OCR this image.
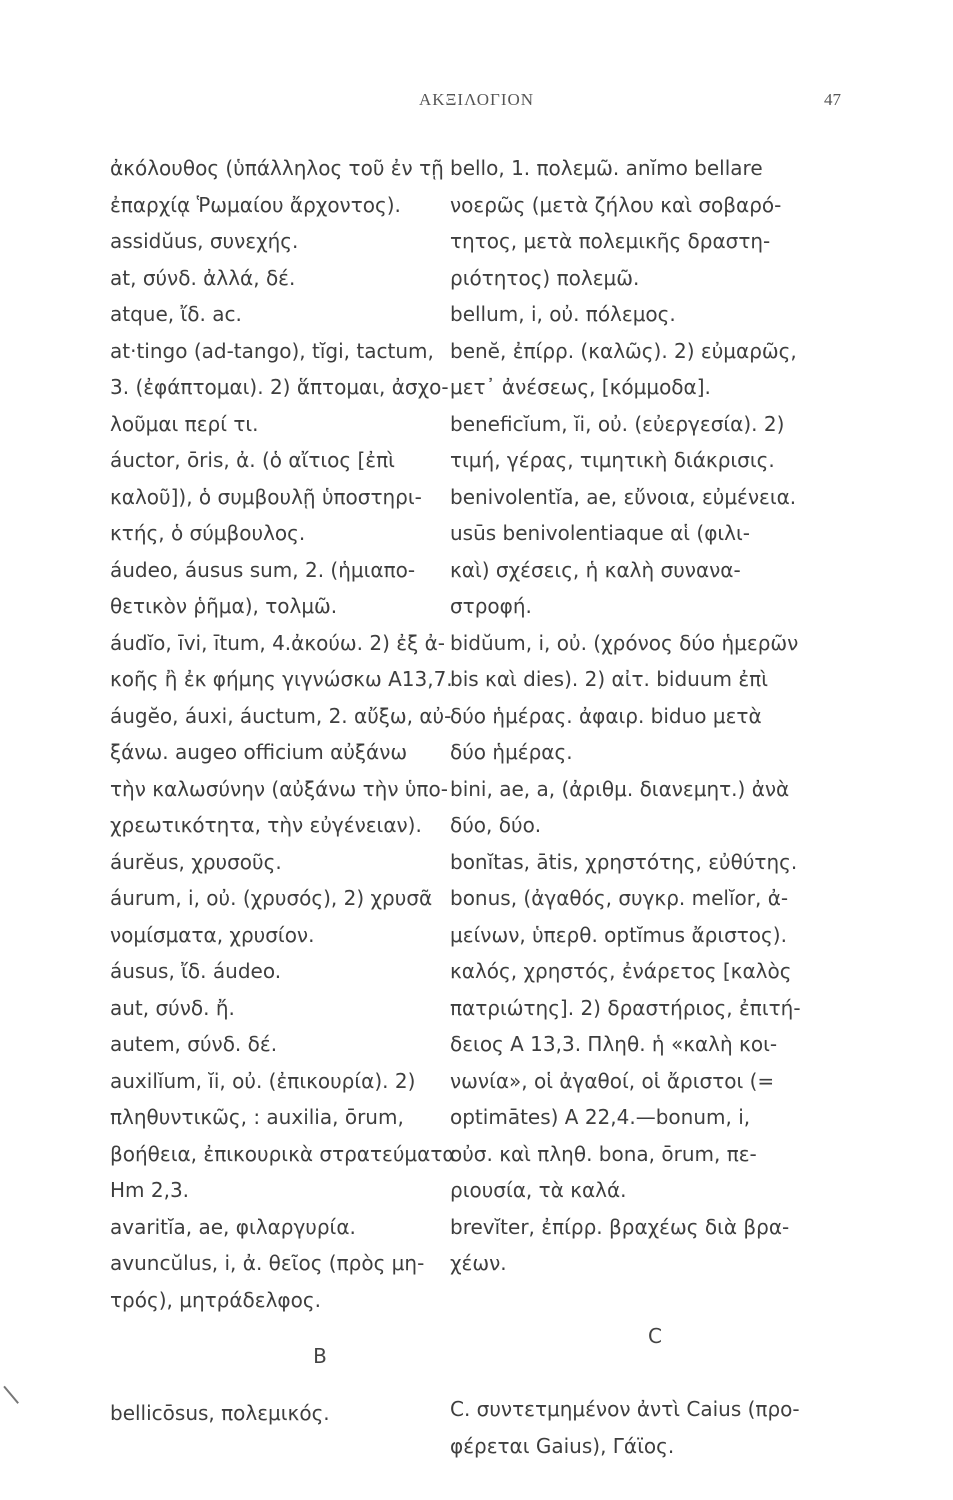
ΑΚΞΙΛΟΓΙΟΝ	47
ἀκόλουθος (ὑπάλληλος τοῦ ἐν τῇ
ἐπαρχίᾳ Ῥωμαίου ἄρχοντος).
assidŭus, συνεχής.
at, σύνδ. ἀλλά, δέ.
atque, ἴδ. ac.
at·tingo (ad-tango), tĭgi, tactum,
3. (ἐφάπτομαι). 2) ἅπτομαι, ἀσχο-
λοῦμαι περί τι.
áuctor, ōris, ἀ. (ὁ αἴτιος [ἐπὶ
καλοῦ]), ὁ συμβουλῇ ὑποστηρι-
κτής, ὁ σύμβουλος.
áudeo, áusus sum, 2. (ἡμιαπο-
θετικὸν ῥῆμα), τολμῶ.
áudĭo, īvi, ītum, 4.ἀκούω. 2) ἐξ ἀ-
κοῆς ἢ ἐκ φήμης γιγνώσκω A13,7.
áugĕo, áuxi, áuctum, 2. αὔξω, αὐ-
ξάνω. augeo officium αὐξάνω
τὴν καλωσύνην (αὐξάνω τὴν ὑπο-
χρεωτικότητα, τὴν εὐγένειαν).
áurĕus, χρυσοῦς.
áurum, i, οὐ. (χρυσός), 2) χρυσᾶ
νομίσματα, χρυσίον.
áusus, ἴδ. áudeo.
aut, σύνδ. ἤ.
autem, σύνδ. δέ.
auxilĭum, ĭi, οὐ. (ἐπικουρία). 2)
πληθυντικῶς, : auxilia, ōrum,
βοήθεια, ἐπικουρικὰ στρατεύματα
Hm 2,3.
avaritĭa, ae, φιλαργυρία.
avuncŭlus, i, ἀ. θεῖος (πρὸς μη-
τρός), μητράδελφος.
B
bellicōsus, πολεμικός.
bello, 1. πολεμῶ. anĭmo bellare
νοερῶς (μετὰ ζήλου καὶ σοβαρό-
τητος, μετὰ πολεμικῆς δραστη-
ριότητος) πολεμῶ.
bellum, i, οὐ. πόλεμος.
benĕ, ἐπίρρ. (καλῶς). 2) εὐμαρῶς,
μετ᾽ ἀνέσεως, [κόμμοδα].
beneficĭum, ĭi, οὐ. (εὐεργεσία). 2)
τιμή, γέρας, τιμητικὴ διάκρισις.
benivolentĭa, ae, εὔνοια, εὐμένεια.
usūs benivolentiaque αἱ (φιλι-
καὶ) σχέσεις, ἡ καλὴ συνανα-
στροφή.
bidŭum, i, οὐ. (χρόνος δύο ἡμερῶν
bis καὶ dies). 2) αἰτ. biduum ἐπὶ
δύο ἡμέρας. ἀφαιρ. biduo μετὰ
δύο ἡμέρας.
bini, ae, a, (ἀριθμ. διανεμητ.) ἀνὰ
δύο, δύο.
bonĭtas, ātis, χρηστότης, εὐθύτης.
bonus, (ἀγαθός, συγκρ. melĭor, ἀ-
μείνων, ὑπερθ. optĭmus ἄριστος).
καλός, χρηστός, ἐνάρετος [καλὸς
πατριώτης]. 2) δραστήριος, ἐπιτή-
δειος A 13,3. Πληθ. ἡ «καλὴ κοι-
νωνία», οἱ ἀγαθοί, οἱ ἄριστοι (=
optimātes) A 22,4.—bonum, i,
οὐσ. καὶ πληθ. bona, ōrum, πε-
ριουσία, τὰ καλά.
brevĭter, ἐπίρρ. βραχέως διὰ βρα-
χέων.
C
C. συντετμημένον ἀντὶ Caius (προ-
φέρεται Gaius), Γάϊος.
